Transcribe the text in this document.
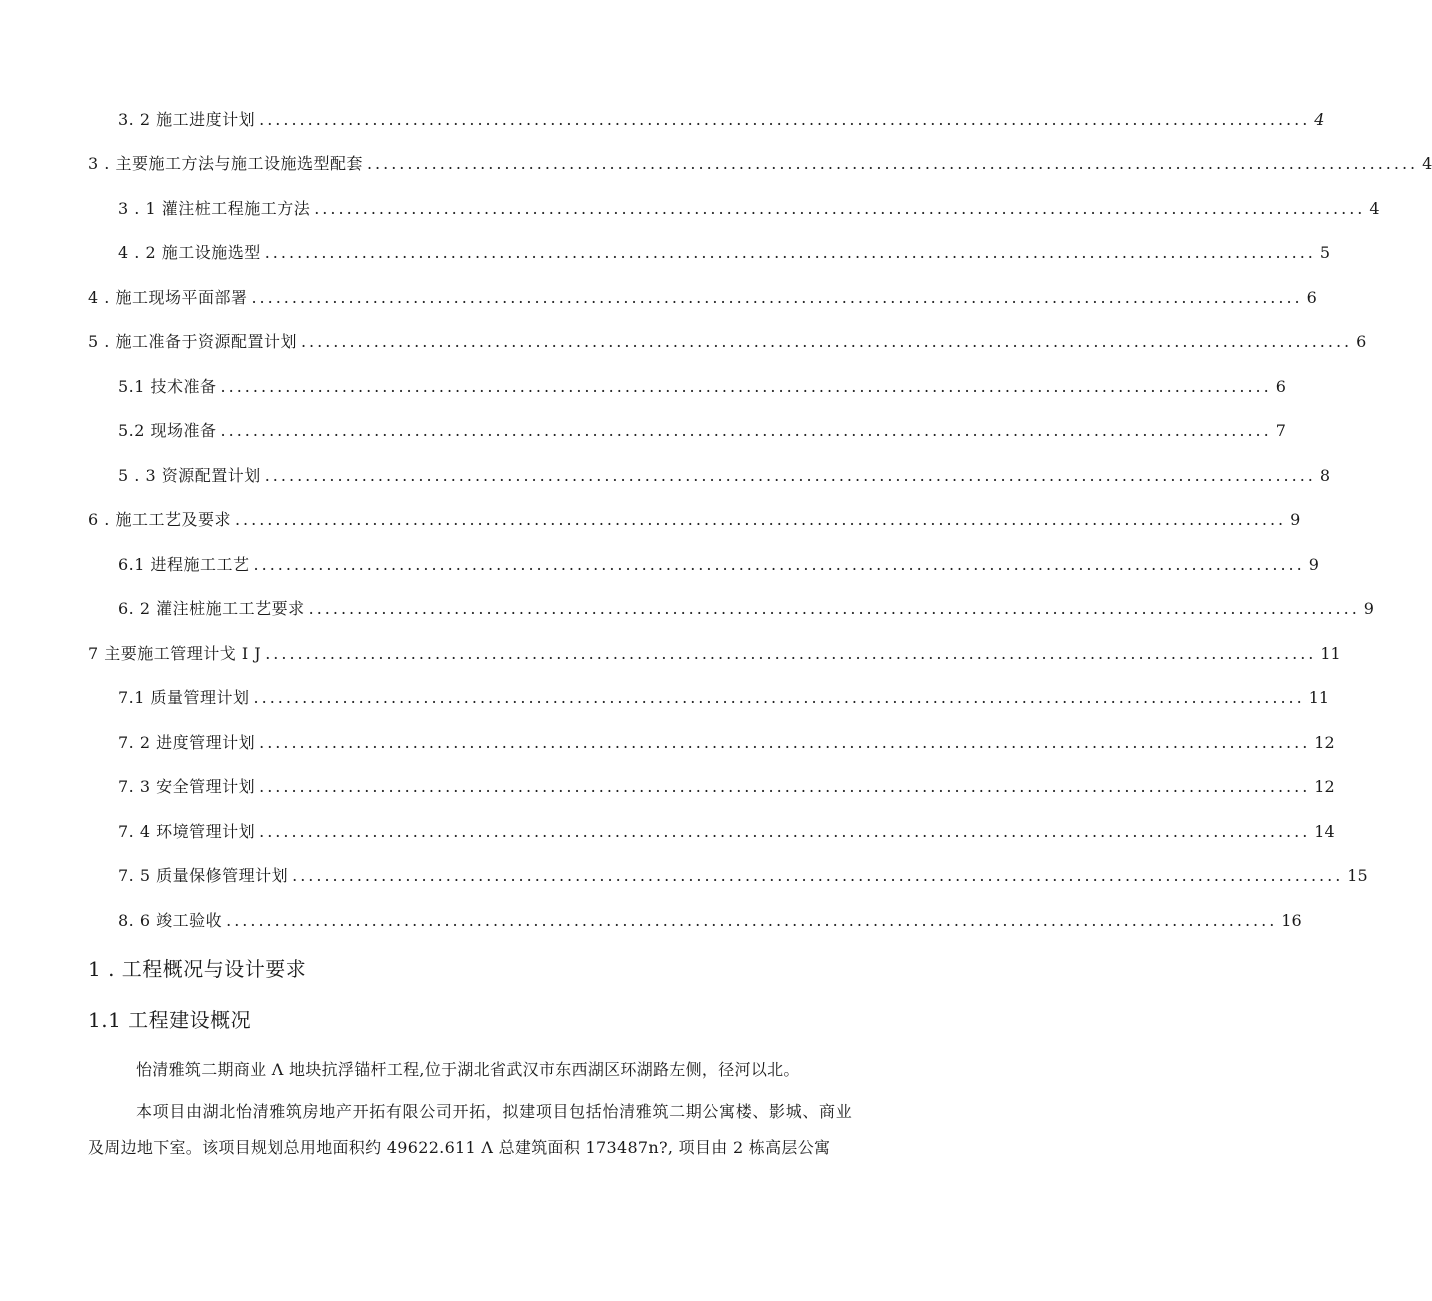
3. 2 施工进度计划 .................................................................................................................................. 4
3 . 主要施工方法与施工设施选型配套 .................................................................................................................................. 4
3 . 1 灌注桩工程施工方法 .................................................................................................................................. 4
4 . 2 施工设施选型 .................................................................................................................................. 5
4 . 施工现场平面部署 .................................................................................................................................. 6
5 . 施工准备于资源配置计划 .................................................................................................................................. 6
5.1 技术准备 .................................................................................................................................. 6
5.2 现场准备 .................................................................................................................................. 7
5 . 3 资源配置计划 .................................................................................................................................. 8
6 . 施工工艺及要求 .................................................................................................................................. 9
6.1 进程施工工艺 .................................................................................................................................. 9
6. 2 灌注桩施工工艺要求 .................................................................................................................................. 9
7 主要施工管理计戈 I J .................................................................................................................................. 11
7.1 质量管理计划 .................................................................................................................................. 11
7. 2 进度管理计划 .................................................................................................................................. 12
7. 3 安全管理计划 .................................................................................................................................. 12
7. 4 环境管理计划 .................................................................................................................................. 14
7. 5 质量保修管理计划 .................................................................................................................................. 15
8. 6 竣工验收 .................................................................................................................................. 16
1 . 工程概况与设计要求
1.1 工程建设概况
怡清雅筑二期商业 Λ 地块抗浮锚杆工程,位于湖北省武汉市东西湖区环湖路左侧，径河以北。
本项目由湖北怡清雅筑房地产开拓有限公司开拓，拟建项目包括怡清雅筑二期公寓楼、影城、商业及周边地下室。该项目规划总用地面积约 49622.611 Λ 总建筑面积 173487n?, 项目由 2 栋高层公寓
